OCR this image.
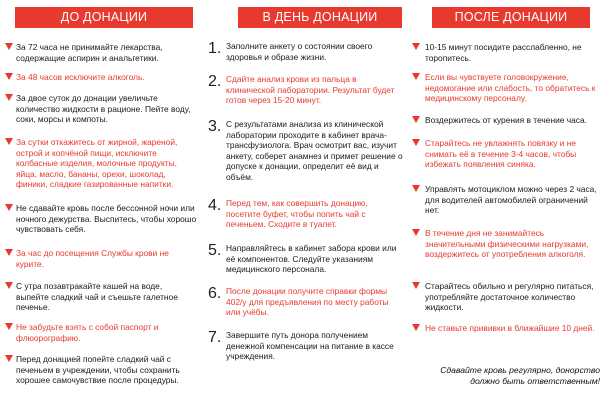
ДО ДОНАЦИИ
За 72 часа не принимайте лекарства, содержащие аспирин и анальгетики.
За 48 часов исключите алкоголь.
За двое суток до донации увеличьте количество жидкости в рационе. Пейте воду, соки, морсы и компоты.
За сутки откажитесь от жирной, жареной, острой и копчёной пищи, исключите колбасные изделия, молочные продукты, яйца, масло, бананы, орехи, шоколад, финики, сладкие газированные напитки.
Не сдавайте кровь после бессонной ночи или ночного дежурства. Выспитесь, чтобы хорошо чувствовать себя.
За час до посещения Службы крови не курите.
С утра позавтракайте кашей на воде, выпейте сладкий чай и съешьте галетное печенье.
Не забудьте взять с собой паспорт и флюорографию.
Перед донацией попейте сладкий чай с печеньем в учреждении, чтобы сохранить хорошее самочувствие после процедуры.
В ДЕНЬ ДОНАЦИИ
1. Заполните анкету о состоянии своего здоровья и образе жизни.
2. Сдайте анализ крови из пальца в клинической лаборатории. Результат будет готов через 15-20 минут.
3. С результатами анализа из клинической лаборатории проходите в кабинет врача-трансфузиолога. Врач осмотрит вас, изучит анкету, соберет анамнез и примет решение о допуске к донации, определит её вид и объём.
4. Перед тем, как совершить донацию, посетите буфет, чтобы попить чай с печеньем. Сходите в туалет.
5. Направляйтесь в кабинет забора крови или её компонентов. Следуйте указаниям медицинского персонала.
6. После донации получите справки формы 402/у для предъявления по месту работы или учёбы.
7. Завершите путь донора получением денежной компенсации на питание в кассе учреждения.
ПОСЛЕ ДОНАЦИИ
10-15 минут посидите расслабленно, не торопитесь.
Если вы чувствуете головокружение, недомогание или слабость, то обратитесь к медицинскому персоналу.
Воздержитесь от курения в течение часа.
Старайтесь не увлажнять повязку и не снимать её в течение 3-4 часов, чтобы избежать появления синяка.
Управлять мотоциклом можно через 2 часа, для водителей автомобилей ограничений нет.
В течение дня не занимайтесь значительными физическими нагрузками, воздержитесь от употребления алкоголя.
Старайтесь обильно и регулярно питаться, употребляйте достаточное количество жидкости.
Не ставьте прививки в ближайшие 10 дней.
Сдавайте кровь регулярно, донорство должно быть ответственным!
